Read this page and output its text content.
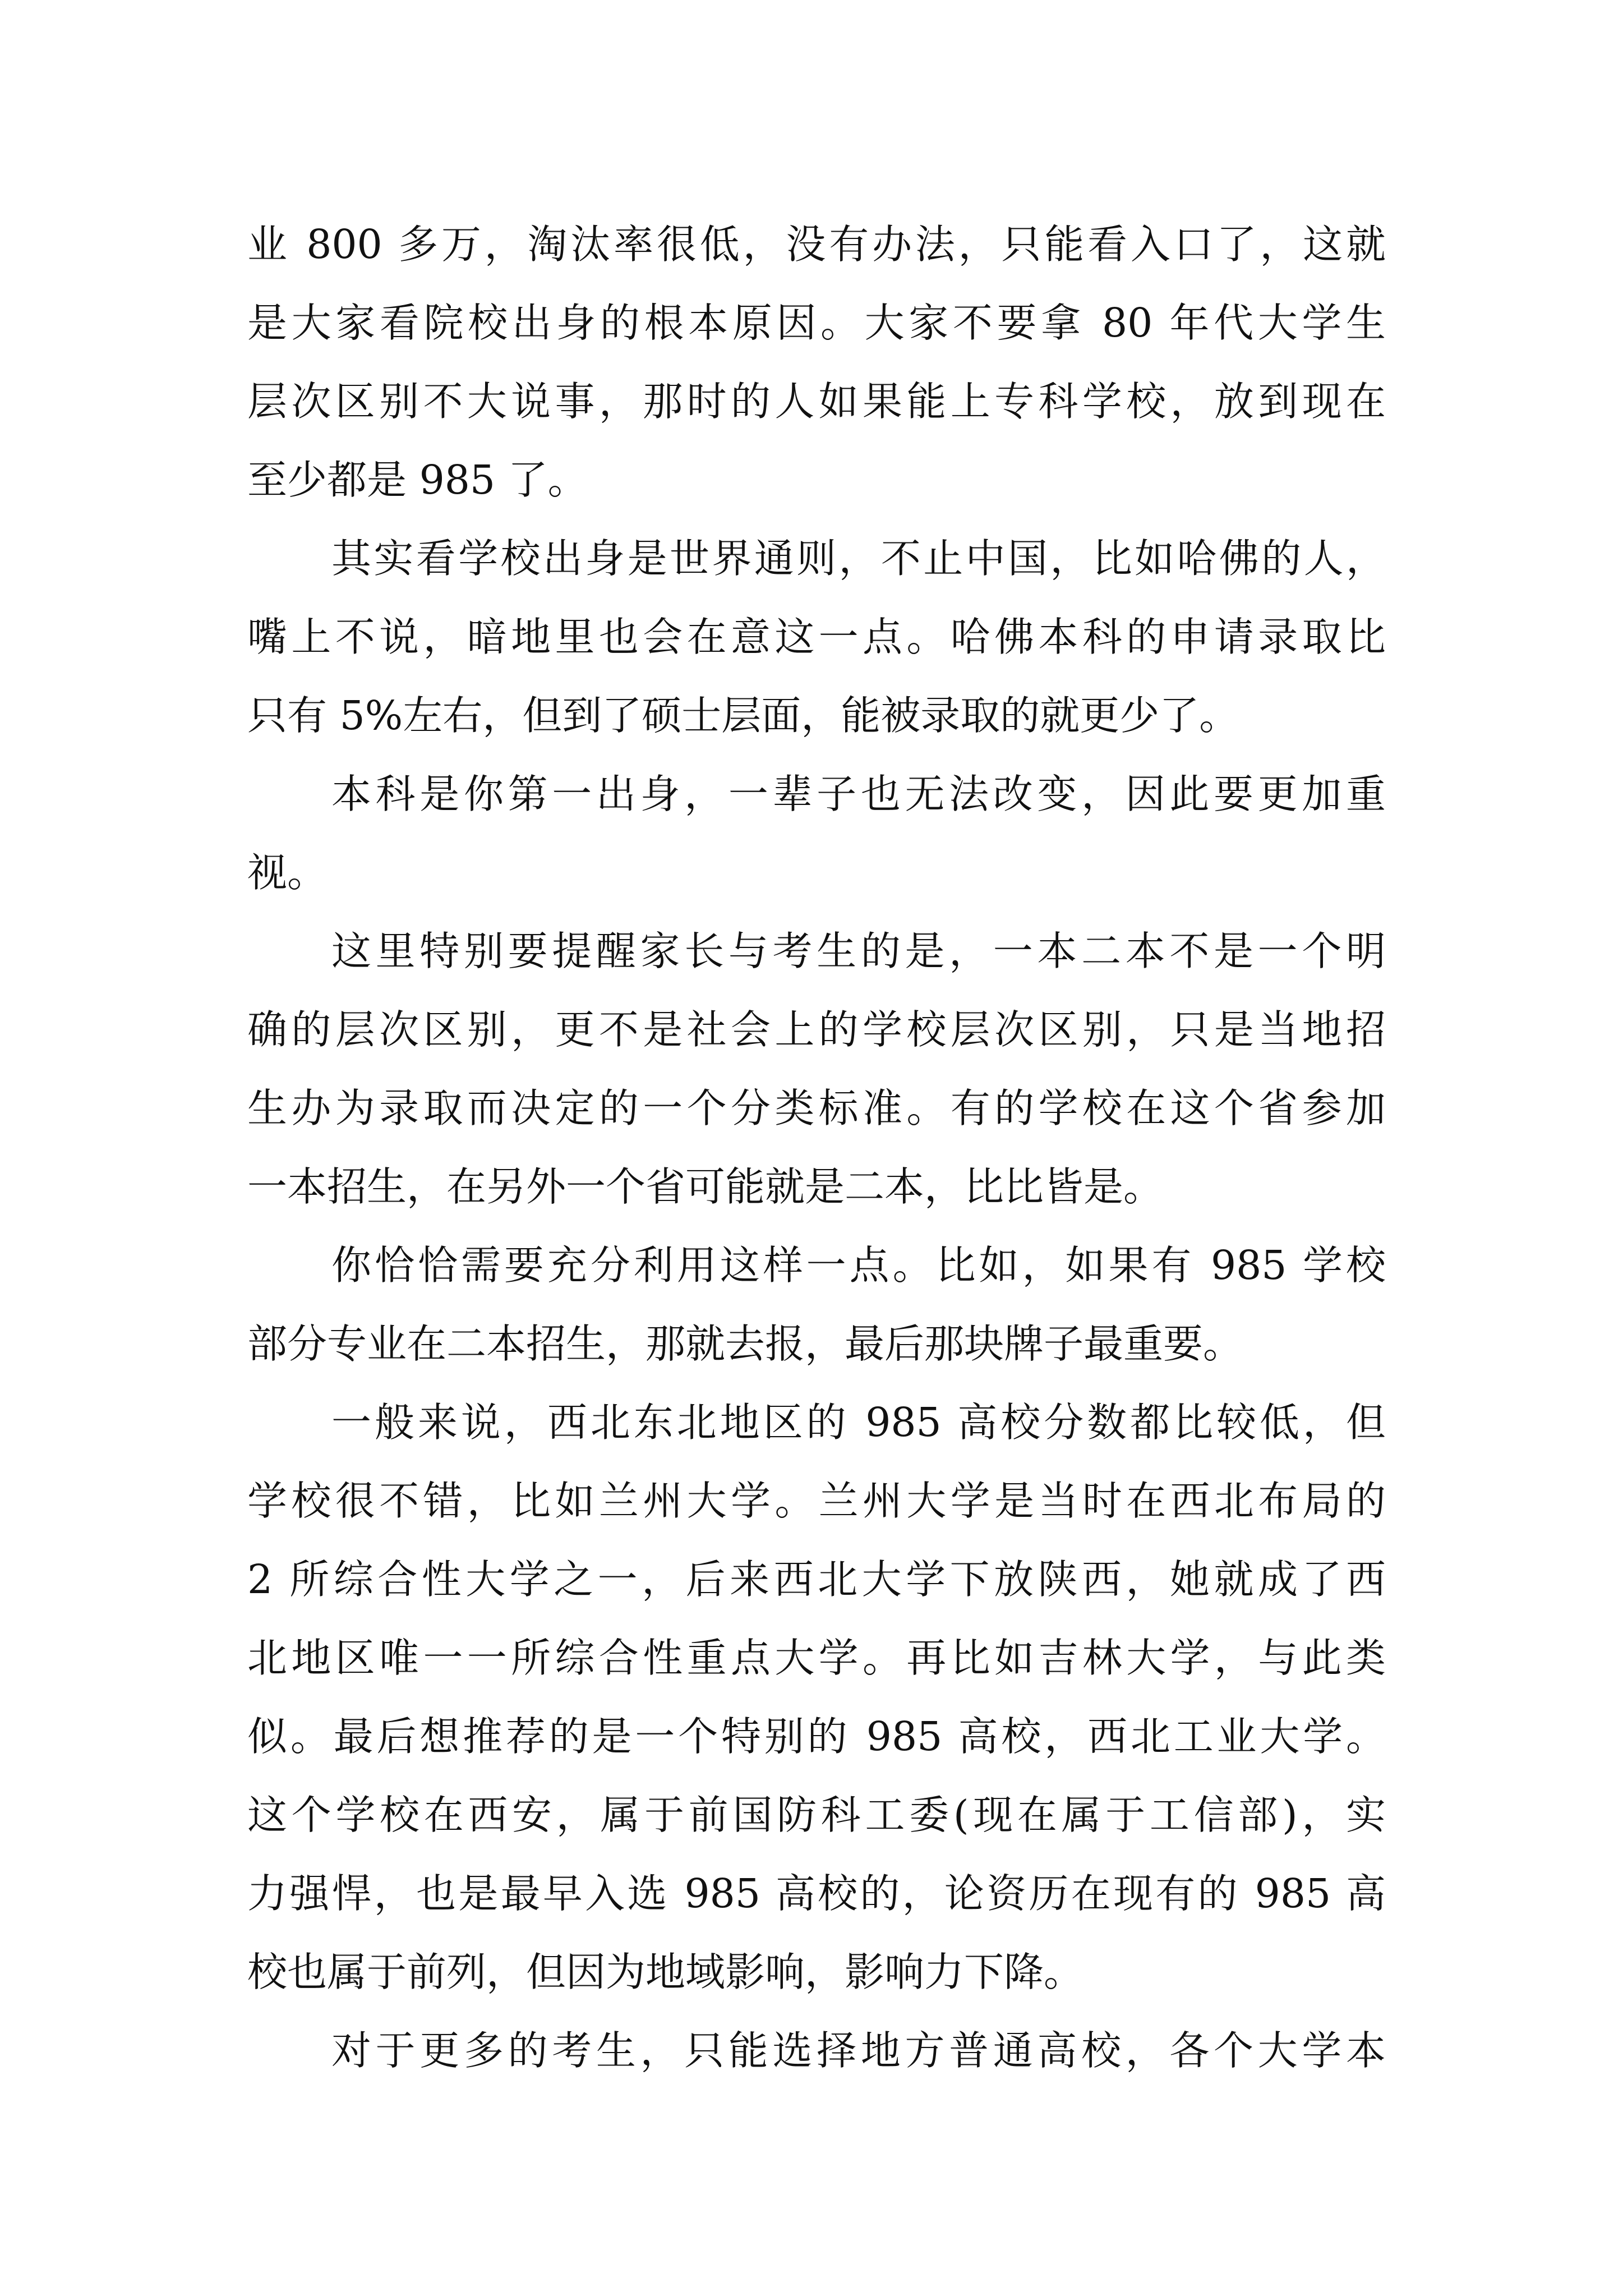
业 800 多万，淘汰率很低，没有办法，只能看入口了，这就
是大家看院校出身的根本原因。大家不要拿 80 年代大学生
层次区别不大说事，那时的人如果能上专科学校，放到现在
至少都是 985 了。
其实看学校出身是世界通则，不止中国，比如哈佛的人，
嘴上不说，暗地里也会在意这一点。哈佛本科的申请录取比
只有 5%左右，但到了硕士层面，能被录取的就更少了。
本科是你第一出身，一辈子也无法改变，因此要更加重
视。
这里特别要提醒家长与考生的是，一本二本不是一个明
确的层次区别，更不是社会上的学校层次区别，只是当地招
生办为录取而决定的一个分类标准。有的学校在这个省参加
一本招生，在另外一个省可能就是二本，比比皆是。
你恰恰需要充分利用这样一点。比如，如果有 985 学校
部分专业在二本招生，那就去报，最后那块牌子最重要。
一般来说，西北东北地区的 985 高校分数都比较低，但
学校很不错，比如兰州大学。兰州大学是当时在西北布局的
2 所综合性大学之一，后来西北大学下放陕西，她就成了西
北地区唯一一所综合性重点大学。再比如吉林大学，与此类
似。最后想推荐的是一个特别的 985 高校，西北工业大学。
这个学校在西安，属于前国防科工委(现在属于工信部)，实
力强悍，也是最早入选 985 高校的，论资历在现有的 985 高
校也属于前列，但因为地域影响，影响力下降。
对于更多的考生，只能选择地方普通高校，各个大学本
